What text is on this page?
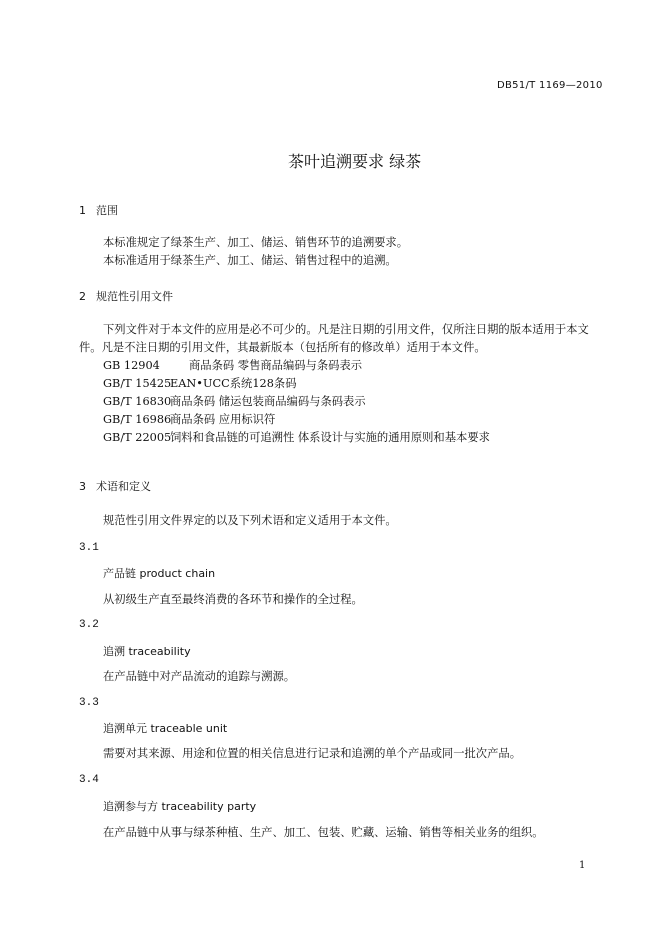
DB51/T 1169—2010
茶叶追溯要求 绿茶
1 范围
本标准规定了绿茶生产、加工、储运、销售环节的追溯要求。
本标准适用于绿茶生产、加工、储运、销售过程中的追溯。
2 规范性引用文件
下列文件对于本文件的应用是必不可少的。凡是注日期的引用文件，仅所注日期的版本适用于本文
件。凡是不注日期的引用文件，其最新版本（包括所有的修改单）适用于本文件。
GB 12904	商品条码 零售商品编码与条码表示
GB/T 15425EAN•UCC系统128条码
GB/T 16830商品条码 储运包装商品编码与条码表示
GB/T 16986商品条码 应用标识符
GB/T 22005饲料和食品链的可追溯性 体系设计与实施的通用原则和基本要求
3 术语和定义
规范性引用文件界定的以及下列术语和定义适用于本文件。
3.1
产品链 product chain
从初级生产直至最终消费的各环节和操作的全过程。
3.2
追溯 traceability
在产品链中对产品流动的追踪与溯源。
3.3
追溯单元 traceable unit
需要对其来源、用途和位置的相关信息进行记录和追溯的单个产品或同一批次产品。
3.4
追溯参与方 traceability party
在产品链中从事与绿茶种植、生产、加工、包装、贮藏、运输、销售等相关业务的组织。
1
